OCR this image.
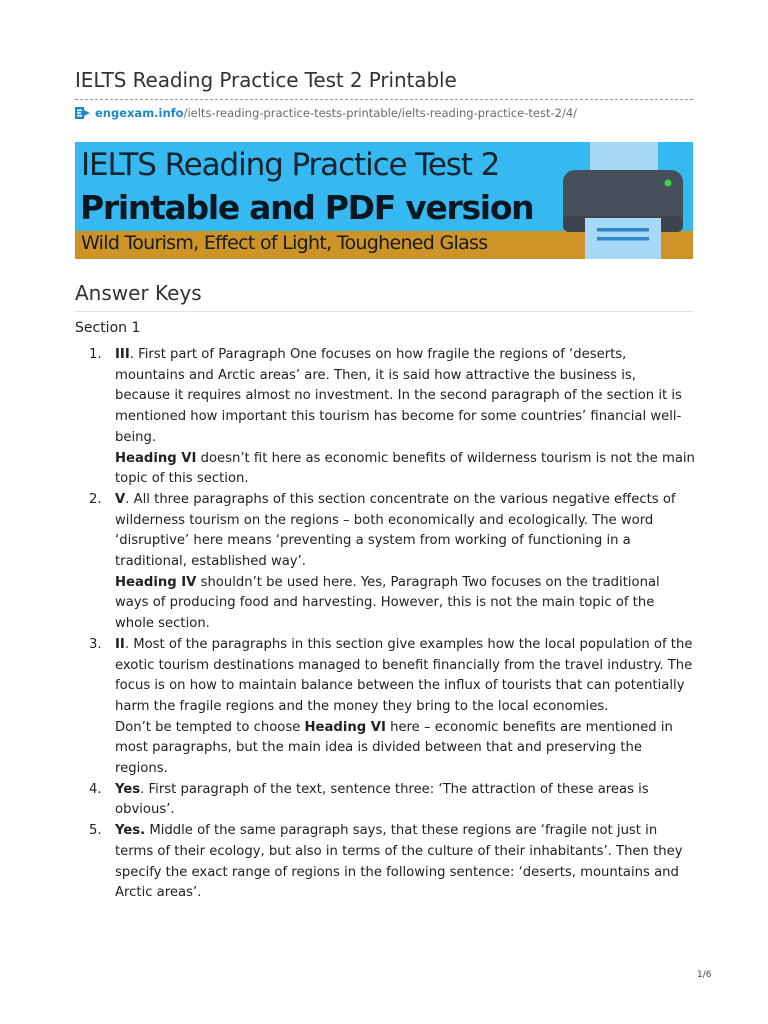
IELTS Reading Practice Test 2 Printable
engexam.info/ielts-reading-practice-tests-printable/ielts-reading-practice-test-2/4/
IELTS Reading Practice Test 2
Printable and PDF version
Wild Tourism, Effect of Light, Toughened Glass
Answer Keys
Section 1
1. III. First part of Paragraph One focuses on how fragile the regions of ‘deserts, mountains and Arctic areas’ are. Then, it is said how attractive the business is, because it requires almost no investment. In the second paragraph of the section it is mentioned how important this tourism has become for some countries’ financial well-being.
Heading VI doesn’t fit here as economic benefits of wilderness tourism is not the main topic of this section.
2. V. All three paragraphs of this section concentrate on the various negative effects of wilderness tourism on the regions – both economically and ecologically. The word ‘disruptive’ here means ‘preventing a system from working of functioning in a traditional, established way’.
Heading IV shouldn’t be used here. Yes, Paragraph Two focuses on the traditional ways of producing food and harvesting. However, this is not the main topic of the whole section.
3. II. Most of the paragraphs in this section give examples how the local population of the exotic tourism destinations managed to benefit financially from the travel industry. The focus is on how to maintain balance between the influx of tourists that can potentially harm the fragile regions and the money they bring to the local economies.
Don’t be tempted to choose Heading VI here – economic benefits are mentioned in most paragraphs, but the main idea is divided between that and preserving the regions.
4. Yes. First paragraph of the text, sentence three: ‘The attraction of these areas is obvious’.
5. Yes. Middle of the same paragraph says, that these regions are ‘fragile not just in terms of their ecology, but also in terms of the culture of their inhabitants’. Then they specify the exact range of regions in the following sentence: ‘deserts, mountains and Arctic areas’.
1/6
